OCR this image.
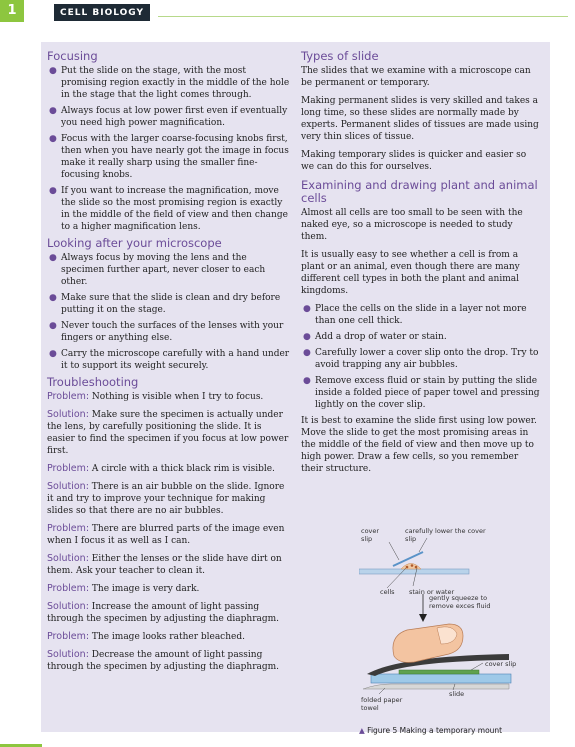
1	CELL BIOLOGY
Focusing
● Put the slide on the stage, with the most promising region exactly in the middle of the hole in the stage that the light comes through.
● Always focus at low power first even if eventually you need high power magnification.
● Focus with the larger coarse-focusing knobs first, then when you have nearly got the image in focus make it really sharp using the smaller fine-focusing knobs.
● If you want to increase the magnification, move the slide so the most promising region is exactly in the middle of the field of view and then change to a higher magnification lens.
Looking after your microscope
● Always focus by moving the lens and the specimen further apart, never closer to each other.
● Make sure that the slide is clean and dry before putting it on the stage.
● Never touch the surfaces of the lenses with your fingers or anything else.
● Carry the microscope carefully with a hand under it to support its weight securely.
Troubleshooting

Problem: Nothing is visible when I try to focus.

Solution: Make sure the specimen is actually under the lens, by carefully positioning the slide. It is easier to find the specimen if you focus at low power first.

Problem: A circle with a thick black rim is visible.

Solution: There is an air bubble on the slide. Ignore it and try to improve your technique for making slides so that there are no air bubbles.

Problem: There are blurred parts of the image even when I focus it as well as I can.

Solution: Either the lenses or the slide have dirt on them. Ask your teacher to clean it.

Problem: The image is very dark.

Solution: Increase the amount of light passing through the specimen by adjusting the diaphragm.

Problem: The image looks rather bleached.

Solution: Decrease the amount of light passing through the specimen by adjusting the diaphragm.

Types of slide

The slides that we examine with a microscope can be permanent or temporary.

Making permanent slides is very skilled and takes a long time, so these slides are normally made by experts. Permanent slides of tissues are made using very thin slices of tissue.

Making temporary slides is quicker and easier so we can do this for ourselves.

Examining and drawing plant and animal cells

Almost all cells are too small to be seen with the naked eye, so a microscope is needed to study them.

It is usually easy to see whether a cell is from a plant or an animal, even though there are many different cell types in both the plant and animal kingdoms.

● Place the cells on the slide in a layer not more than one cell thick.
● Add a drop of water or stain.
● Carefully lower a cover slip onto the drop. Try to avoid trapping any air bubbles.
● Remove excess fluid or stain by putting the slide inside a folded piece of paper towel and pressing lightly on the cover slip.

It is best to examine the slide first using low power. Move the slide to get the most promising areas in the middle of the field of view and then move up to high power. Draw a few cells, so you remember their structure.

cover slip
carefully lower the cover slip
cells stain or water
gently squeeze to remove exces fluid
cover slip
slide
folded paper towel
▲ Figure 5 Making a temporary mount
